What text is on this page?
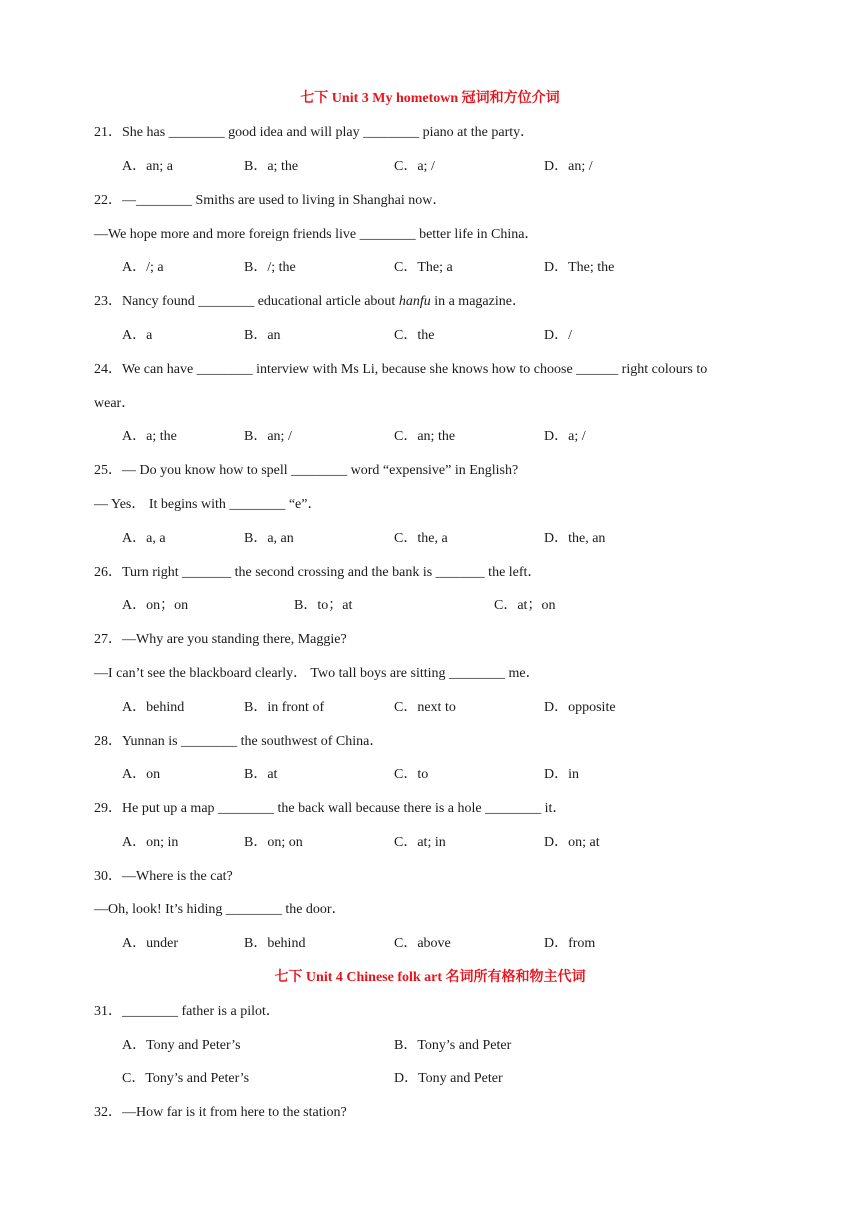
七下 Unit 3 My hometown 冠词和方位介词
21．She has ________ good idea and will play ________ piano at the party．
A．an; a	B．a; the	C．a; /	D．an; /
22．—________ Smiths are used to living in Shanghai now．
—We hope more and more foreign friends live ________ better life in China．
A．/; a	B．/; the	C．The; a	D．The; the
23．Nancy found ________ educational article about hanfu in a magazine．
A．a	B．an	C．the	D．/
24．We can have ________ interview with Ms Li, because she knows how to choose ______ right colours to
wear．
A．a; the	B．an; /	C．an; the	D．a; /
25．— Do you know how to spell ________ word “expensive” in English?
— Yes． It begins with ________ “e”．
A．a, a	B．a, an	C．the, a	D．the, an
26．Turn right _______ the second crossing and the bank is _______ the left．
A．on；on	B．to；at	C．at；on
27．—Why are you standing there, Maggie?
—I can’t see the blackboard clearly． Two tall boys are sitting ________ me．
A．behind	B．in front of	C．next to	D．opposite
28．Yunnan is ________ the southwest of China．
A．on	B．at	C．to	D．in
29．He put up a map ________ the back wall because there is a hole ________ it．
A．on; in	B．on; on	C．at; in	D．on; at
30．—Where is the cat?
—Oh, look! It’s hiding ________ the door．
A．under	B．behind	C．above	D．from
七下 Unit 4 Chinese folk art 名词所有格和物主代词
31．________ father is a pilot．
A．Tony and Peter’s	B．Tony’s and Peter
C．Tony’s and Peter’s	D．Tony and Peter
32．—How far is it from here to the station?
